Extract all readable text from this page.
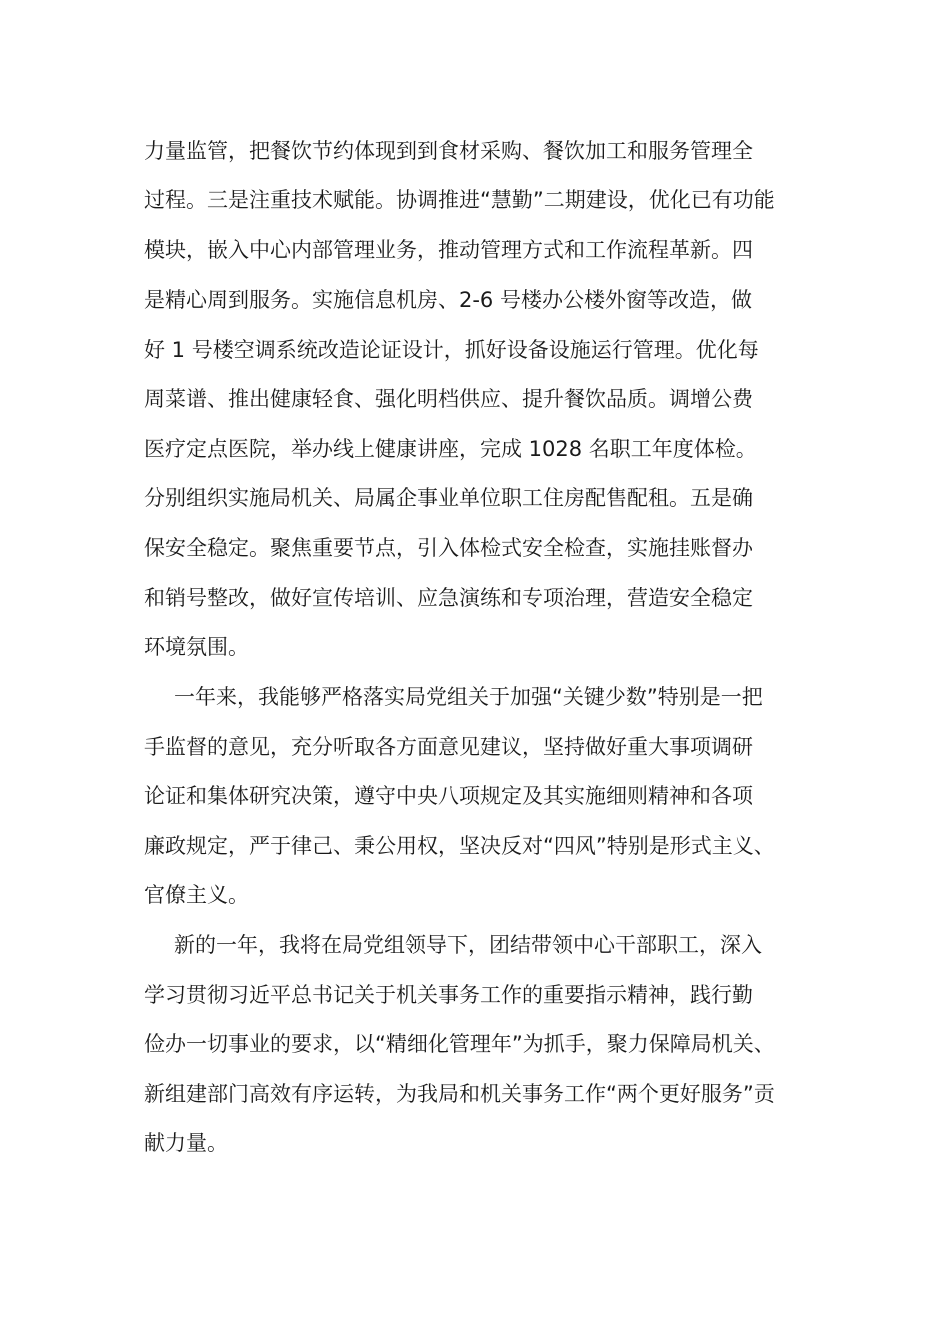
力量监管，把餐饮节约体现到到食材采购、餐饮加工和服务管理全
过程。三是注重技术赋能。协调推进“慧勤”二期建设，优化已有功能
模块，嵌入中心内部管理业务，推动管理方式和工作流程革新。四
是精心周到服务。实施信息机房、2-6 号楼办公楼外窗等改造，做
好 1 号楼空调系统改造论证设计，抓好设备设施运行管理。优化每
周菜谱、推出健康轻食、强化明档供应、提升餐饮品质。调增公费
医疗定点医院，举办线上健康讲座，完成 1028 名职工年度体检。
分别组织实施局机关、局属企事业单位职工住房配售配租。五是确
保安全稳定。聚焦重要节点，引入体检式安全检查，实施挂账督办
和销号整改，做好宣传培训、应急演练和专项治理，营造安全稳定
环境氛围。
一年来，我能够严格落实局党组关于加强“关键少数”特别是一把
手监督的意见，充分听取各方面意见建议，坚持做好重大事项调研
论证和集体研究决策，遵守中央八项规定及其实施细则精神和各项
廉政规定，严于律己、秉公用权，坚决反对“四风”特别是形式主义、
官僚主义。
新的一年，我将在局党组领导下，团结带领中心干部职工，深入
学习贯彻习近平总书记关于机关事务工作的重要指示精神，践行勤
俭办一切事业的要求，以“精细化管理年”为抓手，聚力保障局机关、
新组建部门高效有序运转，为我局和机关事务工作“两个更好服务”贡
献力量。
